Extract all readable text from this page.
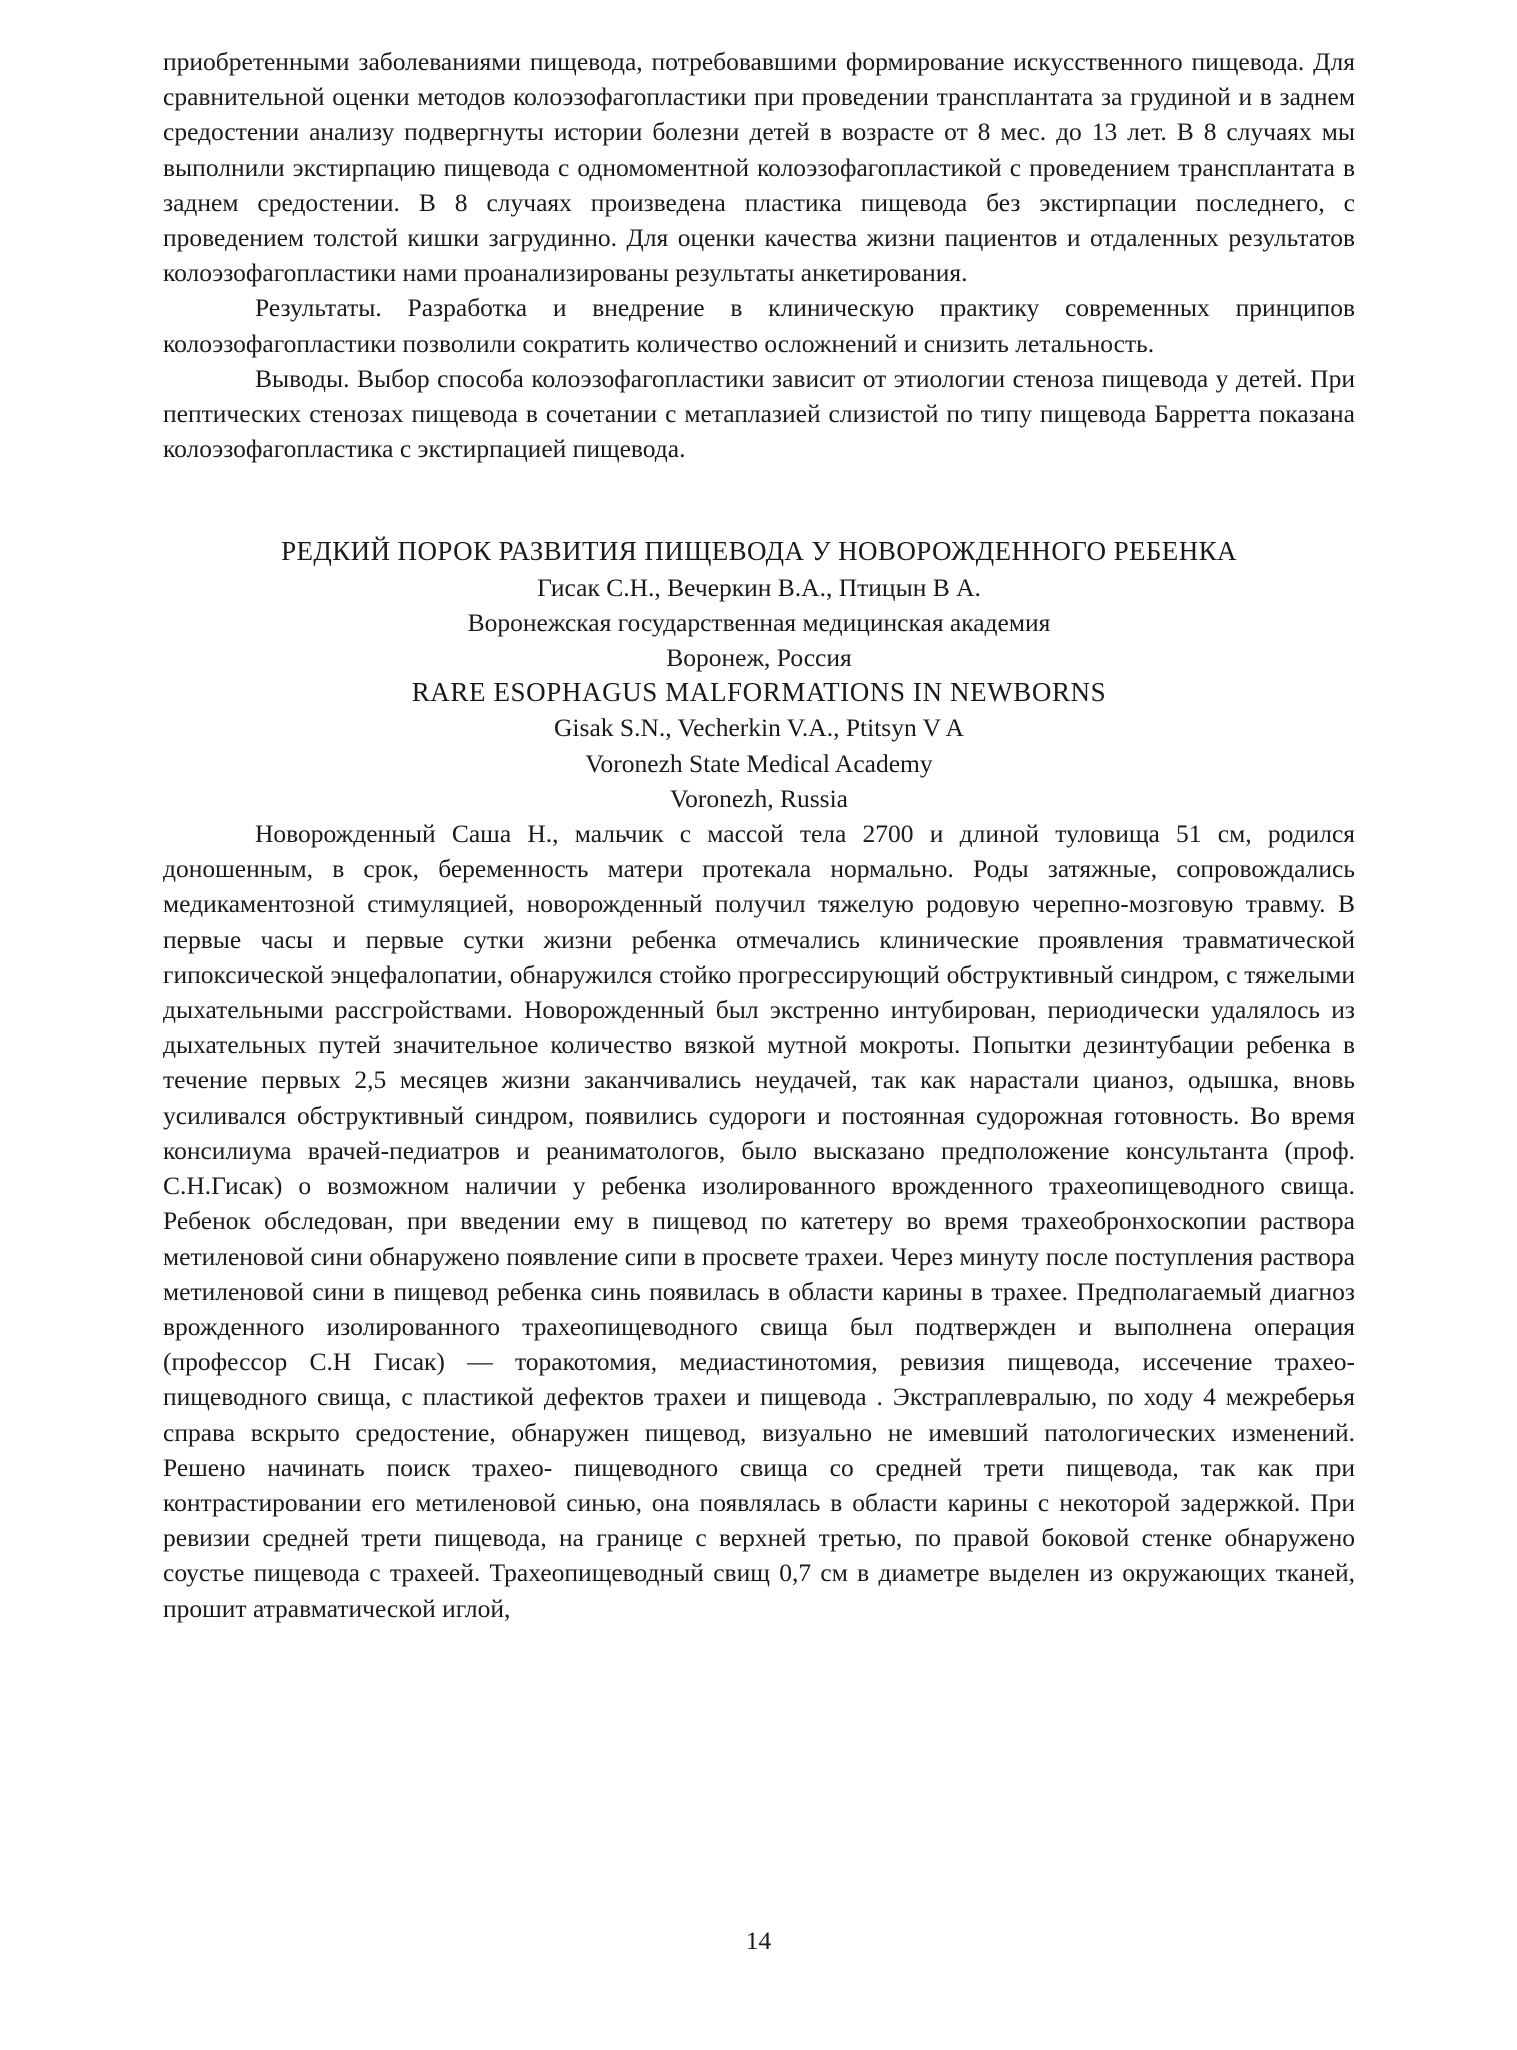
приобретенными заболеваниями пищевода, потребовавшими формирование искусственного пищевода. Для сравнительной оценки методов колоэзофагопластики при проведении трансплантата за грудиной и в заднем средостении анализу подвергнуты истории болезни детей в возрасте от 8 мес. до 13 лет. В 8 случаях мы выполнили экстирпацию пищевода с одномоментной колоэзофагопластикой с проведением трансплантата в заднем средостении. В 8 случаях произведена пластика пищевода без экстирпации последнего, с проведением толстой кишки загрудинно. Для оценки качества жизни пациентов и отдаленных результатов колоэзофагопластики нами проанализированы результаты анкетирования.

Результаты. Разработка и внедрение в клиническую практику современных принципов колоэзофагопластики позволили сократить количество осложнений и снизить летальность.

Выводы. Выбор способа колоэзофагопластики зависит от этиологии стеноза пищевода у детей. При пептических стенозах пищевода в сочетании с метаплазией слизистой по типу пищевода Барретта показана колоэзофагопластика с экстирпацией пищевода.

РЕДКИЙ ПОРОК РАЗВИТИЯ ПИЩЕВОДА У НОВОРОЖДЕННОГО РЕБЕНКА

Гисак С.Н., Вечеркин В.А., Птицын В А.

Воронежская государственная медицинская академия

Воронеж, Россия

RARE ESOPHAGUS MALFORMATIONS IN NEWBORNS

Gisak S.N., Vecherkin V.A., Ptitsyn V A

Voronezh State Medical Academy

Voronezh, Russia

Новорожденный Саша Н., мальчик с массой тела 2700 и длиной туловища 51 см, родился доношенным, в срок, беременность матери протекала нормально. Роды затяжные, сопровождались медикаментозной стимуляцией, новорожденный получил тяжелую родовую черепно-мозговую травму. В первые часы и первые сутки жизни ребенка отмечались клинические проявления травматической гипоксической энцефалопатии, обнаружился стойко прогрессирующий обструктивный синдром, с тяжелыми дыхательными рассгройствами. Новорожденный был экстренно интубирован, периодически удалялось из дыхательных путей значительное количество вязкой мутной мокроты. Попытки дезинтубации ребенка в течение первых 2,5 месяцев жизни заканчивались неудачей, так как нарастали цианоз, одышка, вновь усиливался обструктивный синдром, появились судороги и постоянная судорожная готовность. Во время консилиума врачей-педиатров и реаниматологов, было высказано предположение консультанта (проф. С.Н.Гисак) о возможном наличии у ребенка изолированного врожденного трахеопищеводного свища. Ребенок обследован, при введении ему в пищевод по катетеру во время трахеобронхоскопии раствора метиленовой сини обнаружено появление сипи в просвете трахеи. Через минуту после поступления раствора метиленовой сини в пищевод ребенка синь появилась в области карины в трахее. Предполагаемый диагноз врожденного изолированного трахеопищеводного свища был подтвержден и выполнена операция (профессор С.Н Гисак) — торакотомия, медиастинотомия, ревизия пищевода, иссечение трахео-пищеводного свища, с пластикой дефектов трахеи и пищевода . Экстраплевралыю, по ходу 4 межреберья справа вскрыто средостение, обнаружен пищевод, визуально не имевший патологических изменений. Решено начинать поиск трахео- пищеводного свища со средней трети пищевода, так как при контрастировании его метиленовой синью, она появлялась в области карины с некоторой задержкой. При ревизии средней трети пищевода, на границе с верхней третью, по правой боковой стенке обнаружено соустье пищевода с трахеей. Трахеопищеводный свищ 0,7 см в диаметре выделен из окружающих тканей, прошит атравматической иглой,

14
